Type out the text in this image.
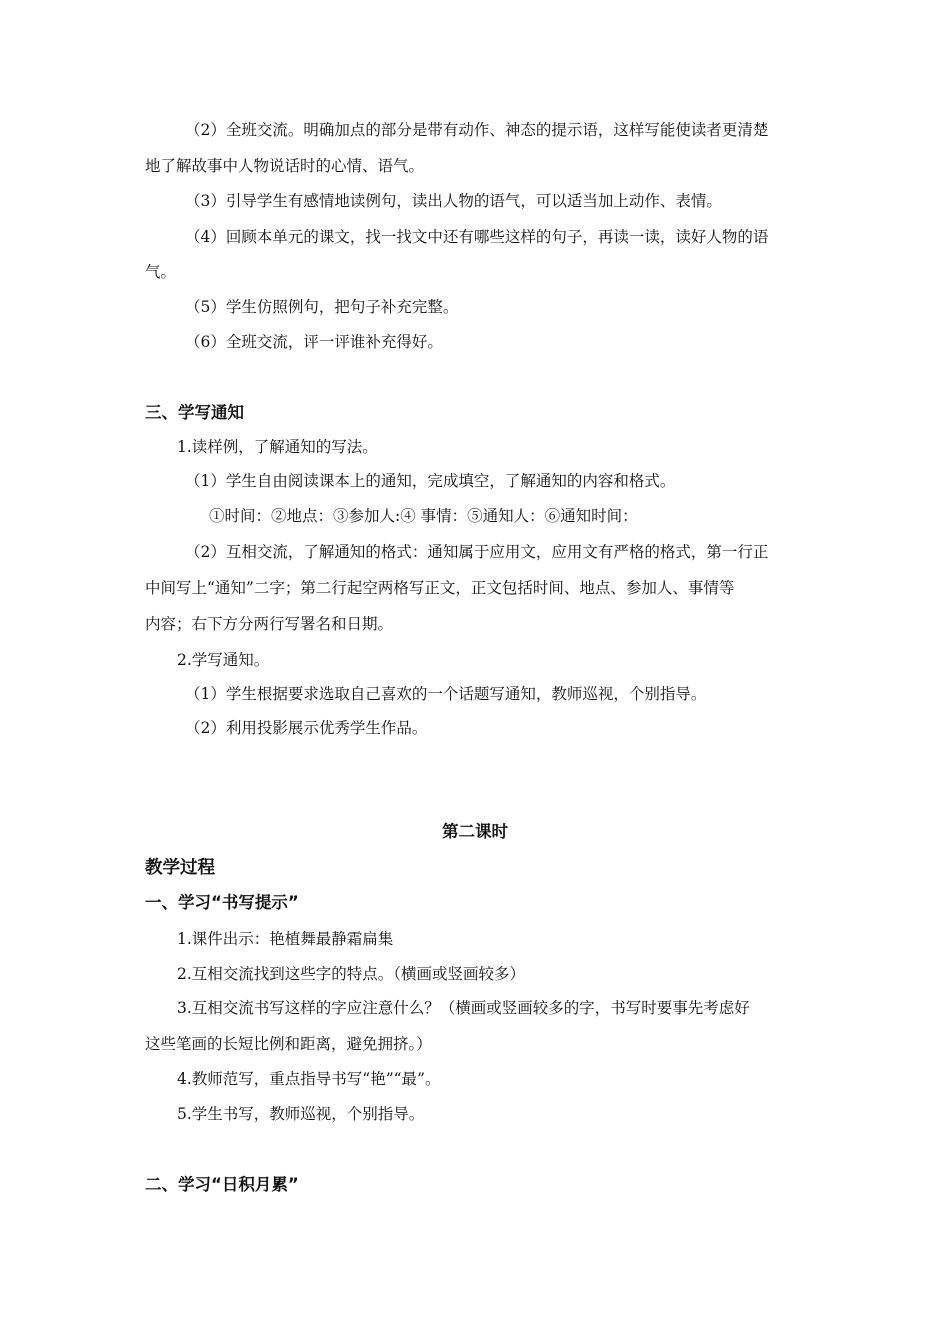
（2）全班交流。明确加点的部分是带有动作、神态的提示语，这样写能使读者更清楚
地了解故事中人物说话时的心情、语气。
（3）引导学生有感情地读例句，读出人物的语气，可以适当加上动作、表情。
（4）回顾本单元的课文，找一找文中还有哪些这样的句子，再读一读，读好人物的语
气。
（5）学生仿照例句，把句子补充完整。
（6）全班交流，评一评谁补充得好。
三、学写通知
1.读样例，了解通知的写法。
（1）学生自由阅读课本上的通知，完成填空，了解通知的内容和格式。
①时间：②地点：③参加人:④ 事情：⑤通知人：⑥通知时间：
（2）互相交流，了解通知的格式：通知属于应用文，应用文有严格的格式，第一行正
中间写上“通知”二字；第二行起空两格写正文，正文包括时间、地点、参加人、事情等
内容；右下方分两行写署名和日期。
2.学写通知。
（1）学生根据要求选取自己喜欢的一个话题写通知，教师巡视，个别指导。
（2）利用投影展示优秀学生作品。
第二课时
教学过程
一、学习“书写提示”
1.课件出示：艳植舞最静霜扁集
2.互相交流找到这些字的特点。（横画或竖画较多）
3.互相交流书写这样的字应注意什么？（横画或竖画较多的字，书写时要事先考虑好
这些笔画的长短比例和距离，避免拥挤。）
4.教师范写，重点指导书写“艳”“最”。
5.学生书写，教师巡视，个别指导。
二、学习“日积月累”
